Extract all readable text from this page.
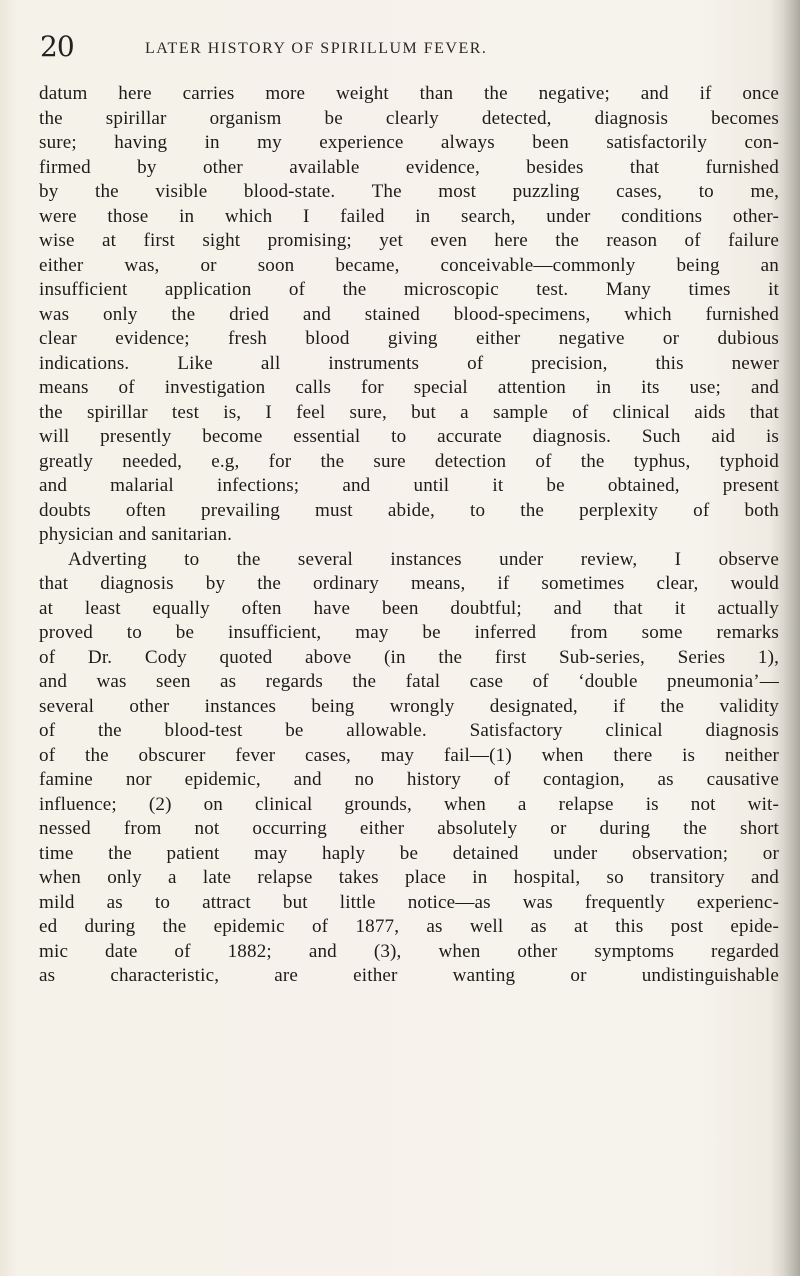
20	LATER HISTORY OF SPIRILLUM FEVER.
datum here carries more weight than the negative; and if once
the spirillar organism be clearly detected, diagnosis becomes
sure; having in my experience always been satisfactorily con-
firmed by other available evidence, besides that furnished
by the visible blood-state. The most puzzling cases, to me,
were those in which I failed in search, under conditions other-
wise at first sight promising; yet even here the reason of failure
either was, or soon became, conceivable—commonly being an
insufficient application of the microscopic test. Many times it
was only the dried and stained blood-specimens, which furnished
clear evidence; fresh blood giving either negative or dubious
indications. Like all instruments of precision, this newer
means of investigation calls for special attention in its use; and
the spirillar test is, I feel sure, but a sample of clinical aids that
will presently become essential to accurate diagnosis. Such aid is
greatly needed, e.g, for the sure detection of the typhus, typhoid
and malarial infections; and until it be obtained, present
doubts often prevailing must abide, to the perplexity of both
physician and sanitarian.
Adverting to the several instances under review, I observe
that diagnosis by the ordinary means, if sometimes clear, would
at least equally often have been doubtful; and that it actually
proved to be insufficient, may be inferred from some remarks
of Dr. Cody quoted above (in the first Sub-series, Series 1),
and was seen as regards the fatal case of ‘double pneumonia’—
several other instances being wrongly designated, if the validity
of the blood-test be allowable. Satisfactory clinical diagnosis
of the obscurer fever cases, may fail—(1) when there is neither
famine nor epidemic, and no history of contagion, as causative
influence; (2) on clinical grounds, when a relapse is not wit-
nessed from not occurring either absolutely or during the short
time the patient may haply be detained under observation; or
when only a late relapse takes place in hospital, so transitory and
mild as to attract but little notice—as was frequently experienc-
ed during the epidemic of 1877, as well as at this post epide-
mic date of 1882; and (3), when other symptoms regarded
as characteristic, are either wanting or undistinguishable
